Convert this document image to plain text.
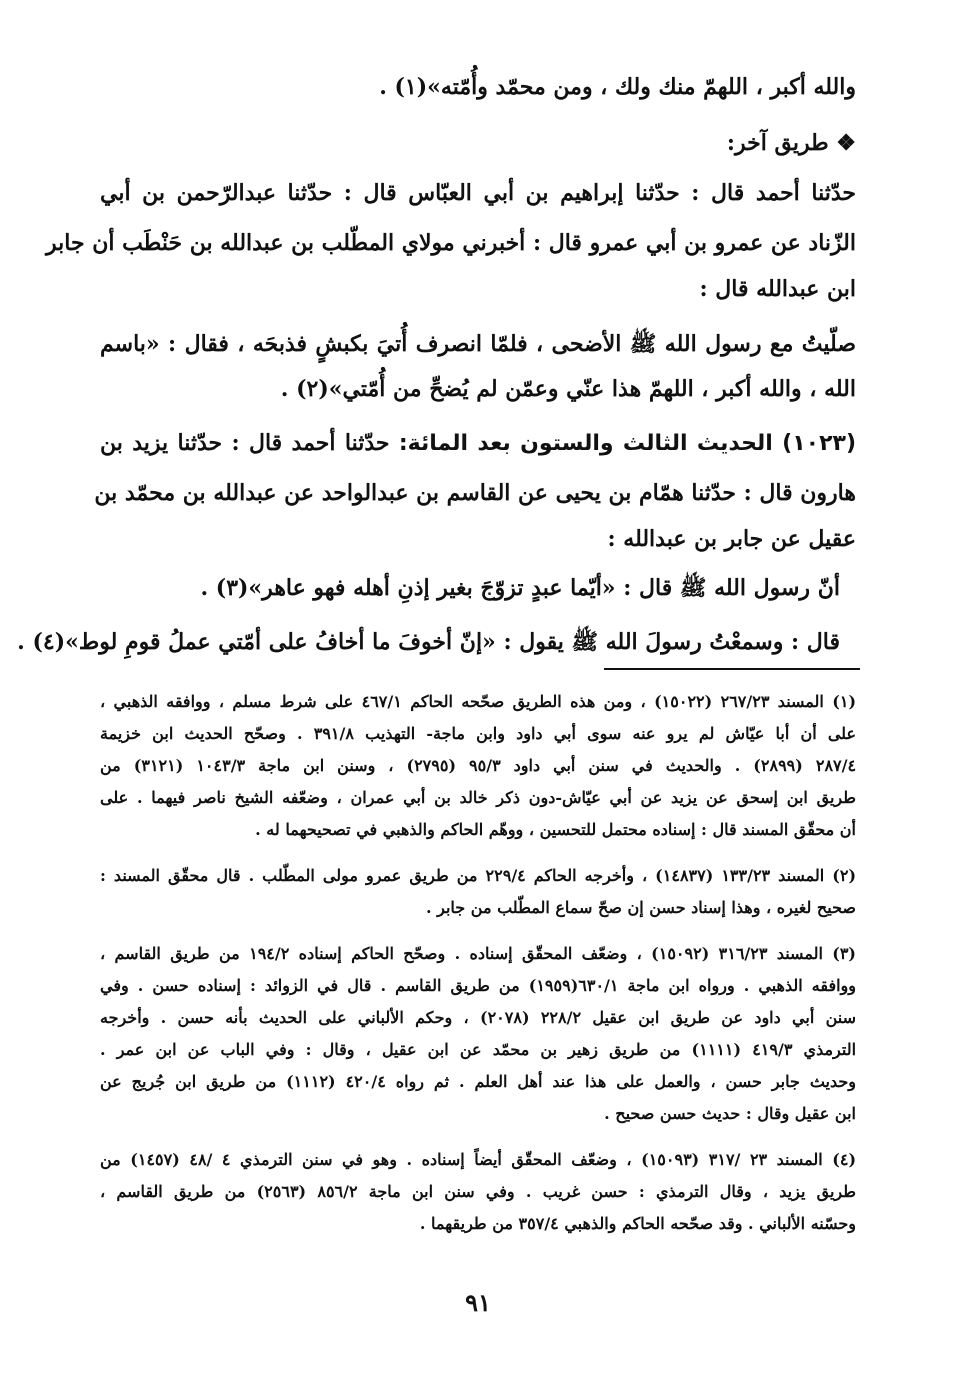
والله أكبر ، اللهمّ منك ولك ، ومن محمّد وأُمّته»(١) .
❖ طريق آخر:
حدّثنا أحمد قال : حدّثنا إبراهيم بن أبي العبّاس قال : حدّثنا عبدالرّحمن بن أبي
الزّناد عن عمرو بن أبي عمرو قال : أخبرني مولاي المطّلب بن عبدالله بن حَنْطَب أن جابر
ابن عبدالله قال :
صلّيتُ مع رسول الله ﷺ الأضحى ، فلمّا انصرف أُتيَ بكبشٍ فذبحَه ، فقال : «باسم
الله ، والله أكبر ، اللهمّ هذا عنّي وعمّن لم يُضحِّ من أُمّتي»(٢) .
(١٠٢٣) الحديث الثالث والستون بعد المائة: حدّثنا أحمد قال : حدّثنا يزيد بن
هارون قال : حدّثنا همّام بن يحيى عن القاسم بن عبدالواحد عن عبدالله بن محمّد بن
عقيل عن جابر بن عبدالله :
أنّ رسول الله ﷺ قال : «أيّما عبدٍ تزوّجَ بغير إذنِ أهله فهو عاهر»(٣) .
قال : وسمعْتُ رسولَ الله ﷺ يقول : «إنّ أخوفَ ما أخافُ على أمّتي عملُ قومِ لوط»(٤) .
(١) المسند ٢٦٧/٢٣ (١٥٠٢٢) ، ومن هذه الطريق صحّحه الحاكم ٤٦٧/١ على شرط مسلم ، ووافقه الذهبي ،
على أن أبا عيّاش لم يرو عنه سوى أبي داود وابن ماجة- التهذيب ٣٩١/٨ . وصحّح الحديث ابن خزيمة
٢٨٧/٤ (٢٨٩٩) . والحديث في سنن أبي داود ٩٥/٣ (٢٧٩٥) ، وسنن ابن ماجة ١٠٤٣/٣ (٣١٢١) من
طريق ابن إسحق عن يزيد عن أبي عيّاش-دون ذكر خالد بن أبي عمران ، وضعّفه الشيخ ناصر فيهما . على
أن محقّق المسند قال : إسناده محتمل للتحسين ، ووهّم الحاكم والذهبي في تصحيحهما له .
(٢) المسند ١٣٣/٢٣ (١٤٨٣٧) ، وأخرجه الحاكم ٢٢٩/٤ من طريق عمرو مولى المطّلب . قال محقّق المسند :
صحيح لغيره ، وهذا إسناد حسن إن صحّ سماع المطّلب من جابر .
(٣) المسند ٣١٦/٢٣ (١٥٠٩٢) ، وضعّف المحقّق إسناده . وصحّح الحاكم إسناده ١٩٤/٢ من طريق القاسم ،
ووافقه الذهبي . ورواه ابن ماجة ٦٣٠/١(١٩٥٩) من طريق القاسم . قال في الزوائد : إسناده حسن . وفي
سنن أبي داود عن طريق ابن عقيل ٢٢٨/٢ (٢٠٧٨) ، وحكم الألباني على الحديث بأنه حسن . وأخرجه
الترمذي ٤١٩/٣ (١١١١) من طريق زهير بن محمّد عن ابن عقيل ، وقال : وفي الباب عن ابن عمر .
وحديث جابر حسن ، والعمل على هذا عند أهل العلم . ثم رواه ٤٢٠/٤ (١١١٢) من طريق ابن جُريج عن
ابن عقيل وقال : حديث حسن صحيح .
(٤) المسند ٢٣ /٣١٧ (١٥٠٩٣) ، وضعّف المحقّق أيضاً إسناده . وهو في سنن الترمذي ٤ /٤٨ (١٤٥٧) من
طريق يزيد ، وقال الترمذي : حسن غريب . وفي سنن ابن ماجة ٨٥٦/٢ (٢٥٦٣) من طريق القاسم ،
وحسّنه الألباني . وقد صحّحه الحاكم والذهبي ٣٥٧/٤ من طريقهما .
٩١
